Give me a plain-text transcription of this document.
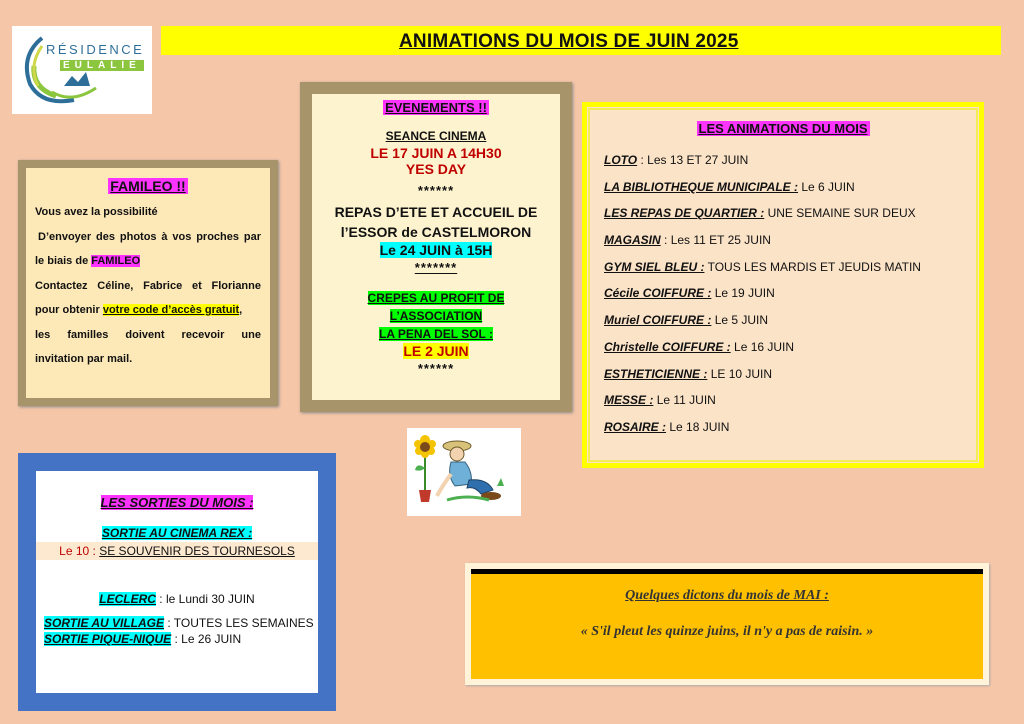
RÉSIDENCE
EULALIE
ANIMATIONS DU MOIS DE JUIN 2025
FAMILEO !!

Vous avez la possibilité

D’envoyer des photos à vos proches par
le biais de FAMILEO

Contactez Céline, Fabrice et Florianne
pour obtenir votre code d’accès gratuit,

les familles doivent recevoir une
invitation par mail.

EVENEMENTS !!
SEANCE CINEMA
LE 17 JUIN A 14H30
YES DAY
******
REPAS D’ETE ET ACCUEIL DE
l’ESSOR de CASTELMORON
Le 24 JUIN à 15H
*******
CREPES AU PROFIT DE
L’ASSOCIATION
LA PENA DEL SOL :
LE 2 JUIN
******
LES ANIMATIONS DU MOIS
LOTO : Les 13 ET 27 JUIN
LA BIBLIOTHEQUE MUNICIPALE : Le 6 JUIN
LES REPAS DE QUARTIER : UNE SEMAINE SUR DEUX
MAGASIN : Les 11 ET 25 JUIN
GYM SIEL BLEU : TOUS LES MARDIS ET JEUDIS MATIN
Cécile COIFFURE : Le 19 JUIN
Muriel COIFFURE : Le 5 JUIN
Christelle COIFFURE : Le 16 JUIN
ESTHETICIENNE : LE 10 JUIN
MESSE : Le 11 JUIN
ROSAIRE : Le 18 JUIN
LES SORTIES DU MOIS :
SORTIE AU CINEMA REX :
Le 10 : SE SOUVENIR DES TOURNESOLS
LECLERC : le Lundi 30 JUIN
SORTIE AU VILLAGE : TOUTES LES SEMAINES
SORTIE PIQUE-NIQUE : Le 26 JUIN
Quelques dictons du mois de MAI :
« S'il pleut les quinze juins, il n'y a pas de raisin. »
